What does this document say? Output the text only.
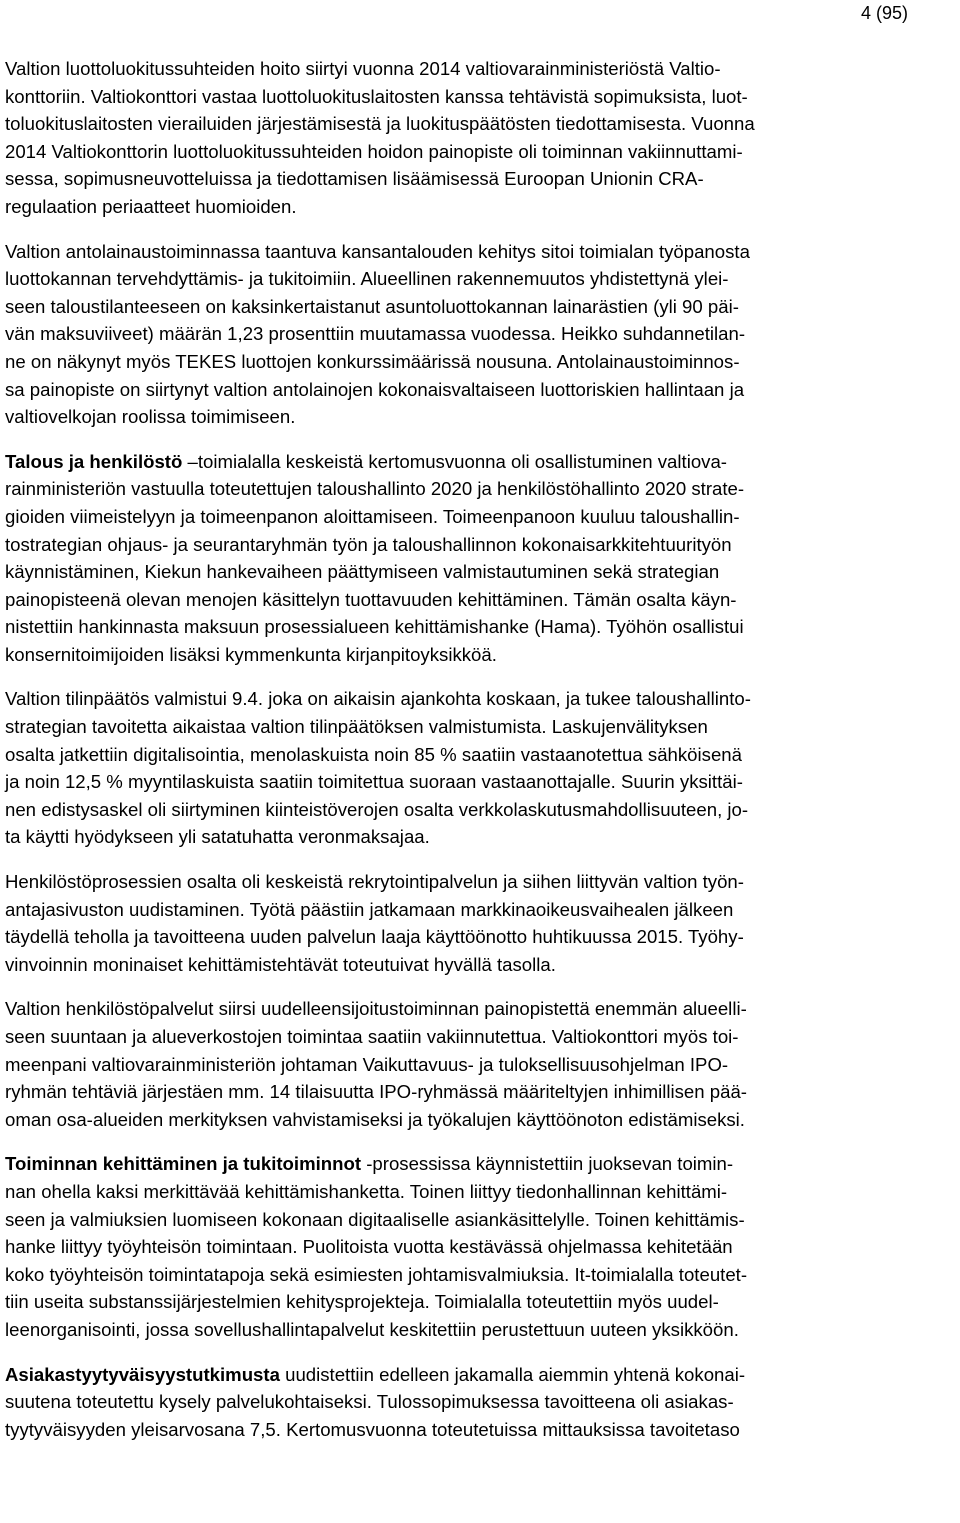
4 (95)

Valtion luottoluokitussuhteiden hoito siirtyi vuonna 2014 valtiovarainministeriöstä Valtio-
konttoriin. Valtiokonttori vastaa luottoluokituslaitosten kanssa tehtävistä sopimuksista, luot-
toluokituslaitosten vierailuiden järjestämisestä ja luokituspäätösten tiedottamisesta. Vuonna
2014 Valtiokonttorin luottoluokitussuhteiden hoidon painopiste oli toiminnan vakiinnuttami-
sessa, sopimusneuvotteluissa ja tiedottamisen lisäämisessä Euroopan Unionin CRA-
regulaation periaatteet huomioiden.

Valtion antolainaustoiminnassa taantuva kansantalouden kehitys sitoi toimialan työpanosta
luottokannan tervehdyttämis- ja tukitoimiin. Alueellinen rakennemuutos yhdistettynä ylei-
seen taloustilanteeseen on kaksinkertaistanut asuntoluottokannan lainarästien (yli 90 päi-
vän maksuviiveet) määrän 1,23 prosenttiin muutamassa vuodessa. Heikko suhdannetilan-
ne on näkynyt myös TEKES luottojen konkurssimäärissä nousuna. Antolainaustoiminnos-
sa painopiste on siirtynyt valtion antolainojen kokonaisvaltaiseen luottoriskien hallintaan ja
valtiovelkojan roolissa toimimiseen.

Talous ja henkilöstö –toimialalla keskeistä kertomusvuonna oli osallistuminen valtiova-
rainministeriön vastuulla toteutettujen taloushallinto 2020 ja henkilöstöhallinto 2020 strate-
gioiden viimeistelyyn ja toimeenpanon aloittamiseen. Toimeenpanoon kuuluu taloushallin-
tostrategian ohjaus- ja seurantaryhmän työn ja taloushallinnon kokonaisarkkitehtuurityön
käynnistäminen, Kiekun hankevaiheen päättymiseen valmistautuminen sekä strategian
painopisteenä olevan menojen käsittelyn tuottavuuden kehittäminen. Tämän osalta käyn-
nistettiin hankinnasta maksuun prosessialueen kehittämishanke (Hama). Työhön osallistui
konsernitoimijoiden lisäksi kymmenkunta kirjanpitoyksikköä.

Valtion tilinpäätös valmistui 9.4. joka on aikaisin ajankohta koskaan, ja tukee taloushallinto-
strategian tavoitetta aikaistaa valtion tilinpäätöksen valmistumista. Laskujenvälityksen
osalta jatkettiin digitalisointia, menolaskuista noin 85 % saatiin vastaanotettua sähköisenä
ja noin 12,5 % myyntilaskuista saatiin toimitettua suoraan vastaanottajalle. Suurin yksittäi-
nen edistysaskel oli siirtyminen kiinteistöverojen osalta verkkolaskutusmahdollisuuteen, jo-
ta käytti hyödykseen yli satatuhatta veronmaksajaa.

Henkilöstöprosessien osalta oli keskeistä rekrytointipalvelun ja siihen liittyvän valtion työn-
antajasivuston uudistaminen. Työtä päästiin jatkamaan markkinaoikeusvaihealen jälkeen
täydellä teholla ja tavoitteena uuden palvelun laaja käyttöönotto huhtikuussa 2015. Työhy-
vinvoinnin moninaiset kehittämistehtävät toteutuivat hyvällä tasolla.

Valtion henkilöstöpalvelut siirsi uudelleensijoitustoiminnan painopistettä enemmän alueelli-
seen suuntaan ja alueverkostojen toimintaa saatiin vakiinnutettua. Valtiokonttori myös toi-
meenpani valtiovarainministeriön johtaman Vaikuttavuus- ja tuloksellisuusohjelman IPO-
ryhmän tehtäviä järjestäen mm. 14 tilaisuutta IPO-ryhmässä määriteltyjen inhimillisen pää-
oman osa-alueiden merkityksen vahvistamiseksi ja työkalujen käyttöönoton edistämiseksi.

Toiminnan kehittäminen ja tukitoiminnot -prosessissa käynnistettiin juoksevan toimin-
nan ohella kaksi merkittävää kehittämishanketta. Toinen liittyy tiedonhallinnan kehittämi-
seen ja valmiuksien luomiseen kokonaan digitaaliselle asiankäsittelylle. Toinen kehittämis-
hanke liittyy työyhteisön toimintaan. Puolitoista vuotta kestävässä ohjelmassa kehitetään
koko työyhteisön toimintatapoja sekä esimiesten johtamisvalmiuksia. It-toimialalla toteutet-
tiin useita substanssijärjestelmien kehitysprojekteja. Toimialalla toteutettiin myös uudel-
leenorganisointi, jossa sovellushallintapalvelut keskitettiin perustettuun uuteen yksikköön.

Asiakastyytyväisyystutkimusta uudistettiin edelleen jakamalla aiemmin yhtenä kokonai-
suutena toteutettu kysely palvelukohtaiseksi. Tulossopimuksessa tavoitteena oli asiakas-
tyytyväisyyden yleisarvosana 7,5. Kertomusvuonna toteutetuissa mittauksissa tavoitetaso
